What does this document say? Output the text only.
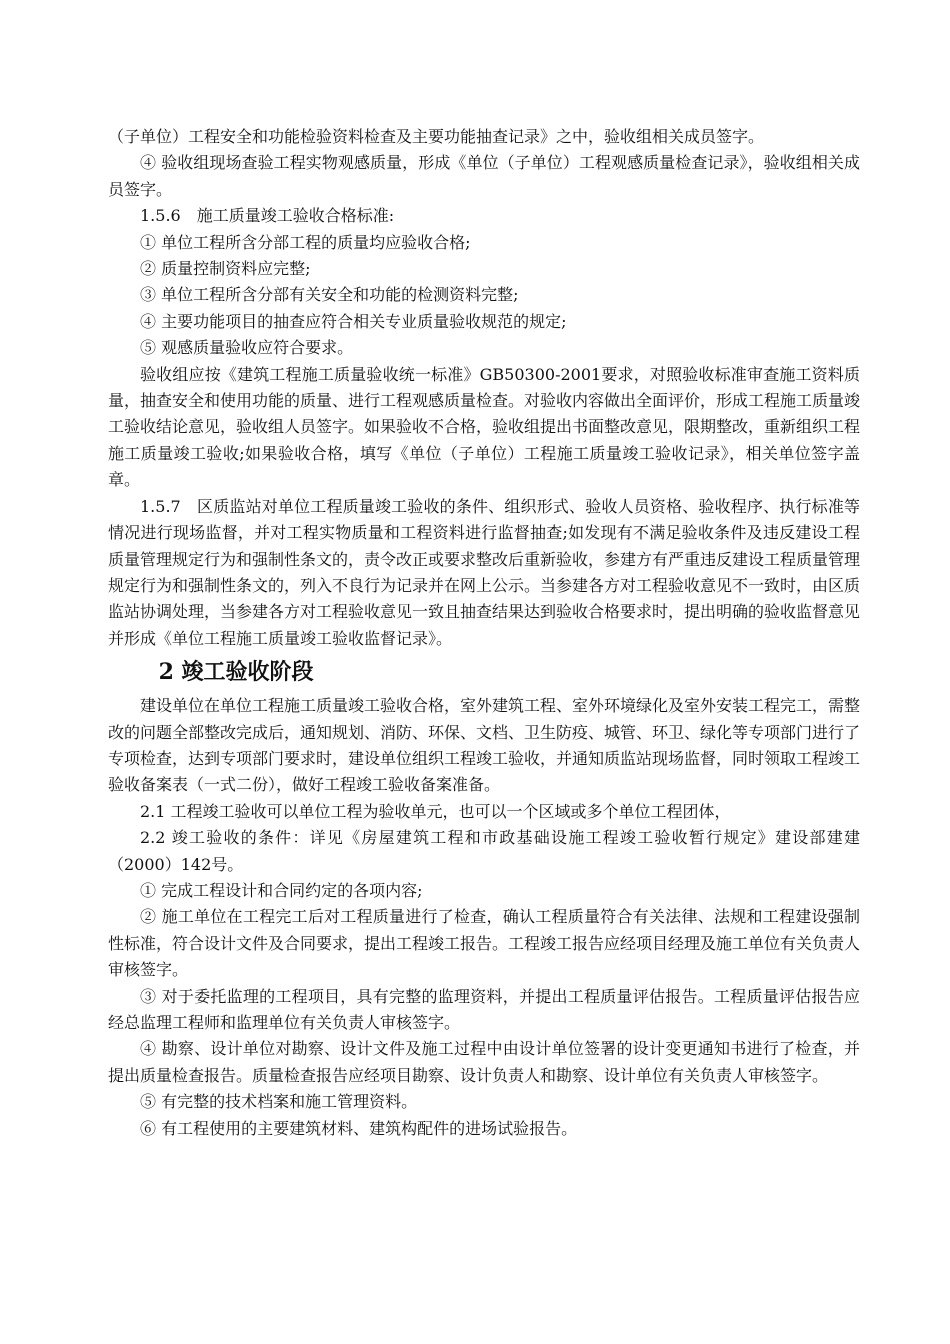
（子单位）工程安全和功能检验资料检查及主要功能抽查记录》之中，验收组相关成员签字。

④ 验收组现场查验工程实物观感质量，形成《单位（子单位）工程观感质量检查记录》，验收组相关成员签字。

1.5.6　施工质量竣工验收合格标准:

① 单位工程所含分部工程的质量均应验收合格;

② 质量控制资料应完整;

③ 单位工程所含分部有关安全和功能的检测资料完整;

④ 主要功能项目的抽查应符合相关专业质量验收规范的规定;

⑤ 观感质量验收应符合要求。

验收组应按《建筑工程施工质量验收统一标准》GB50300-2001要求，对照验收标准审查施工资料质量，抽查安全和使用功能的质量、进行工程观感质量检查。对验收内容做出全面评价，形成工程施工质量竣工验收结论意见，验收组人员签字。如果验收不合格，验收组提出书面整改意见，限期整改，重新组织工程施工质量竣工验收;如果验收合格，填写《单位（子单位）工程施工质量竣工验收记录》，相关单位签字盖章。

1.5.7　区质监站对单位工程质量竣工验收的条件、组织形式、验收人员资格、验收程序、执行标准等情况进行现场监督，并对工程实物质量和工程资料进行监督抽查;如发现有不满足验收条件及违反建设工程质量管理规定行为和强制性条文的，责令改正或要求整改后重新验收，参建方有严重违反建设工程质量管理规定行为和强制性条文的，列入不良行为记录并在网上公示。当参建各方对工程验收意见不一致时，由区质监站协调处理，当参建各方对工程验收意见一致且抽查结果达到验收合格要求时，提出明确的验收监督意见并形成《单位工程施工质量竣工验收监督记录》。

2 竣工验收阶段

建设单位在单位工程施工质量竣工验收合格，室外建筑工程、室外环境绿化及室外安装工程完工，需整改的问题全部整改完成后，通知规划、消防、环保、文档、卫生防疫、城管、环卫、绿化等专项部门进行了专项检查，达到专项部门要求时，建设单位组织工程竣工验收，并通知质监站现场监督，同时领取工程竣工验收备案表（一式二份），做好工程竣工验收备案准备。

2.1 工程竣工验收可以单位工程为验收单元，也可以一个区域或多个单位工程团体，

2.2 竣工验收的条件：详见《房屋建筑工程和市政基础设施工程竣工验收暂行规定》建设部建建（2000）142号。

① 完成工程设计和合同约定的各项内容;

② 施工单位在工程完工后对工程质量进行了检查，确认工程质量符合有关法律、法规和工程建设强制性标准，符合设计文件及合同要求，提出工程竣工报告。工程竣工报告应经项目经理及施工单位有关负责人审核签字。

③ 对于委托监理的工程项目，具有完整的监理资料，并提出工程质量评估报告。工程质量评估报告应经总监理工程师和监理单位有关负责人审核签字。

④ 勘察、设计单位对勘察、设计文件及施工过程中由设计单位签署的设计变更通知书进行了检查，并提出质量检查报告。质量检查报告应经项目勘察、设计负责人和勘察、设计单位有关负责人审核签字。

⑤ 有完整的技术档案和施工管理资料。

⑥ 有工程使用的主要建筑材料、建筑构配件的进场试验报告。
